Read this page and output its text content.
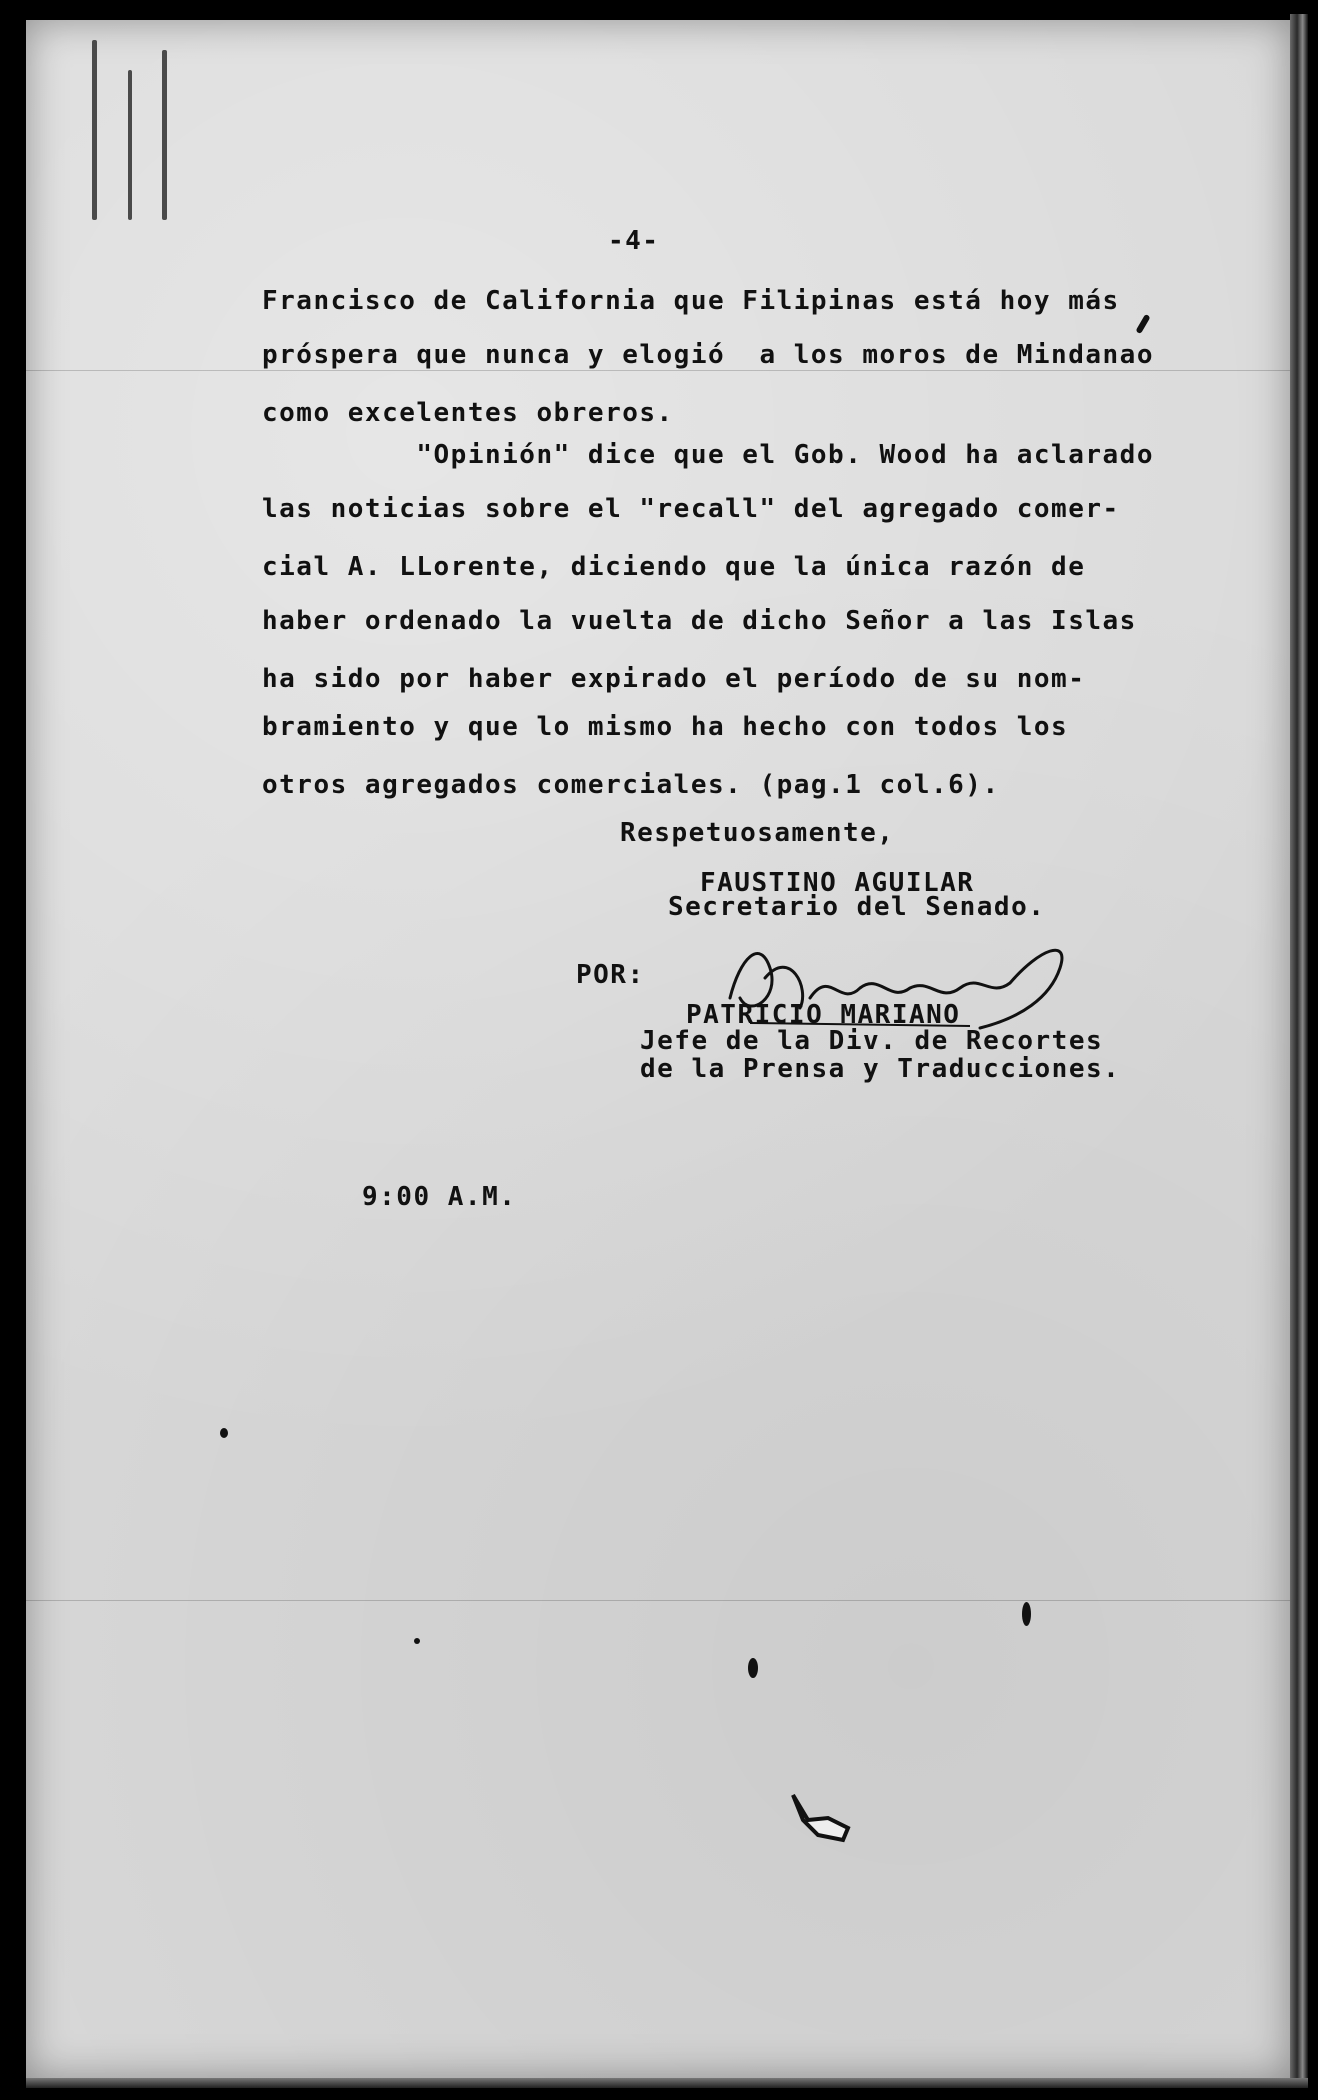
-4-
Francisco de California que Filipinas está hoy más
próspera que nunca y elogió  a los moros de Mindanao
como excelentes obreros.
"Opinión" dice que el Gob. Wood ha aclarado
las noticias sobre el "recall" del agregado comer-
cial A. LLorente, diciendo que la única razón de
haber ordenado la vuelta de dicho Señor a las Islas
ha sido por haber expirado el período de su nom-
bramiento y que lo mismo ha hecho con todos los
otros agregados comerciales. (pag.1 col.6).
Respetuosamente,
FAUSTINO AGUILAR
Secretario del Senado.
POR:
PATRICIO MARIANO
Jefe de la Div. de Recortes
de la Prensa y Traducciones.
9:00 A.M.
